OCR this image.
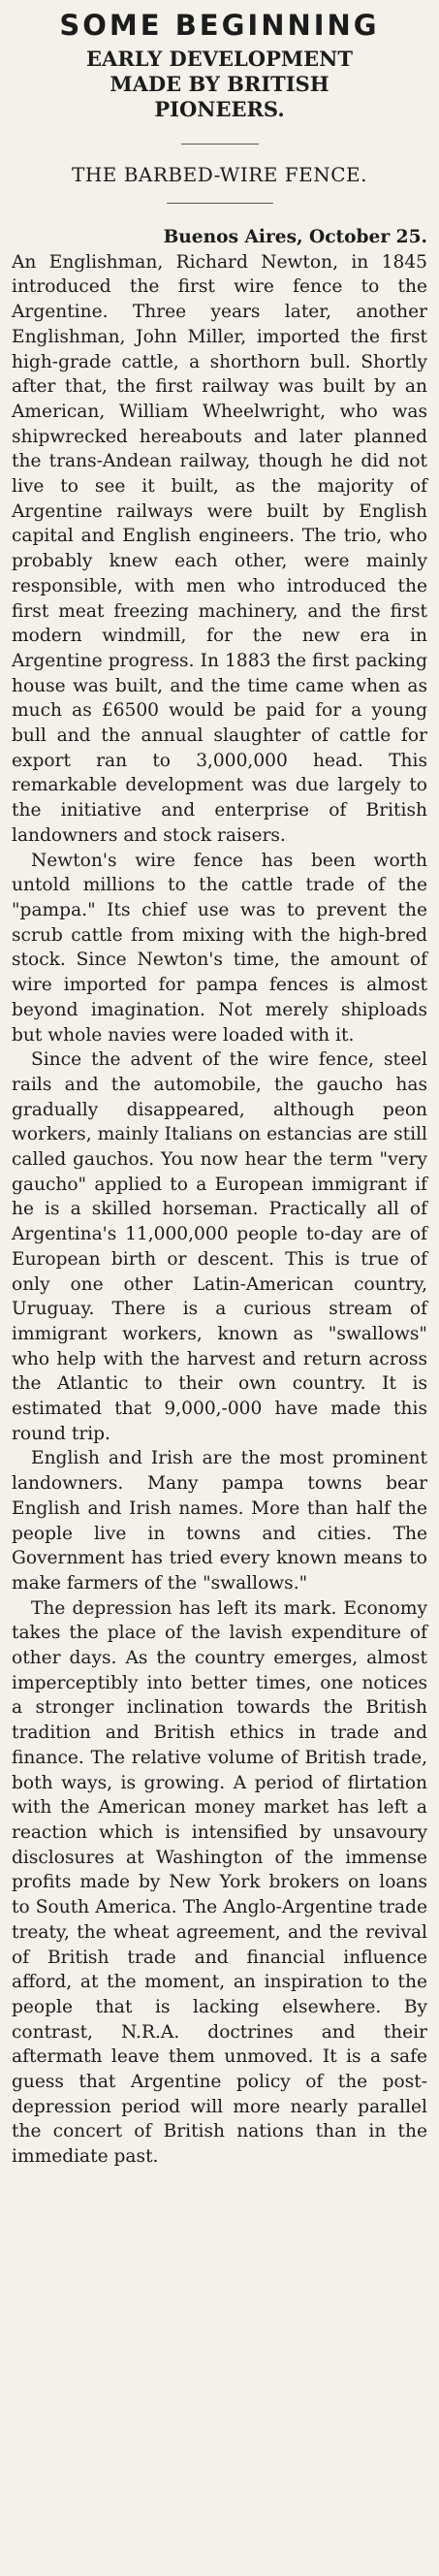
SOME BEGINNING
EARLY DEVELOPMENT
MADE BY BRITISH
PIONEERS.
THE BARBED-WIRE FENCE.

Buenos Aires, October 25.

An Englishman, Richard Newton, in 1845 introduced the first wire fence to the Argentine. Three years later, another Englishman, John Miller, imported the first high-grade cattle, a shorthorn bull. Shortly after that, the first railway was built by an American, William Wheelwright, who was shipwrecked hereabouts and later planned the trans-Andean railway, though he did not live to see it built, as the majority of Argentine railways were built by English capital and English engineers. The trio, who probably knew each other, were mainly responsible, with men who introduced the first meat freezing machinery, and the first modern windmill, for the new era in Argentine progress. In 1883 the first packing house was built, and the time came when as much as £6500 would be paid for a young bull and the annual slaughter of cattle for export ran to 3,000,000 head. This remarkable development was due largely to the initiative and enterprise of British landowners and stock raisers.

Newton's wire fence has been worth untold millions to the cattle trade of the "pampa." Its chief use was to prevent the scrub cattle from mixing with the high-bred stock. Since Newton's time, the amount of wire imported for pampa fences is almost beyond imagination. Not merely shiploads but whole navies were loaded with it.

Since the advent of the wire fence, steel rails and the automobile, the gaucho has gradually disappeared, although peon workers, mainly Italians on estancias are still called gauchos. You now hear the term "very gaucho" applied to a European immigrant if he is a skilled horseman. Practically all of Argentina's 11,000,000 people to-day are of European birth or descent. This is true of only one other Latin-American country, Uruguay. There is a curious stream of immigrant workers, known as "swallows" who help with the harvest and return across the Atlantic to their own country. It is estimated that 9,000,-000 have made this round trip.

English and Irish are the most prominent landowners. Many pampa towns bear English and Irish names. More than half the people live in towns and cities. The Government has tried every known means to make farmers of the "swallows."

The depression has left its mark. Economy takes the place of the lavish expenditure of other days. As the country emerges, almost imperceptibly into better times, one notices a stronger inclination towards the British tradition and British ethics in trade and finance. The relative volume of British trade, both ways, is growing. A period of flirtation with the American money market has left a reaction which is intensified by unsavoury disclosures at Washington of the immense profits made by New York brokers on loans to South America. The Anglo-Argentine trade treaty, the wheat agreement, and the revival of British trade and financial influence afford, at the moment, an inspiration to the people that is lacking elsewhere. By contrast, N.R.A. doctrines and their aftermath leave them unmoved. It is a safe guess that Argentine policy of the post-depression period will more nearly parallel the concert of British nations than in the immediate past.
